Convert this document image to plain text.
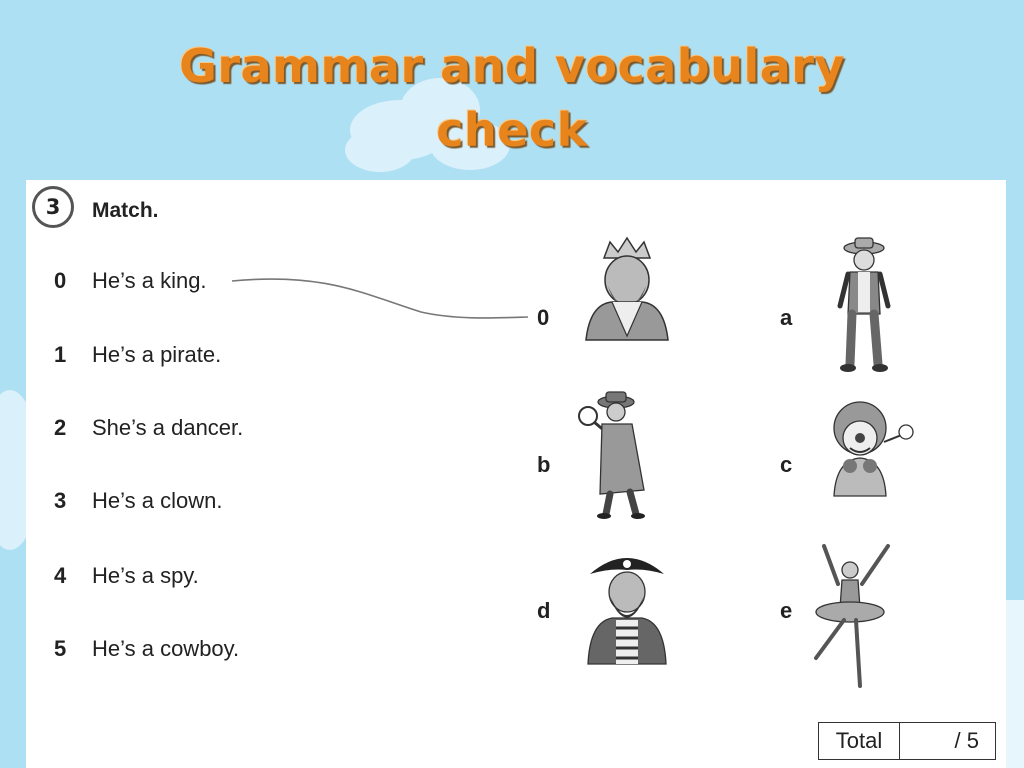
Grammar and vocabulary
check
3	Match.
0 He’s a king.
1 He’s a pirate.
2 She’s a dancer.
3 He’s a clown.
4 He’s a spy.
5 He’s a cowboy.
0	a
b	c
d	e
Total	/ 5
